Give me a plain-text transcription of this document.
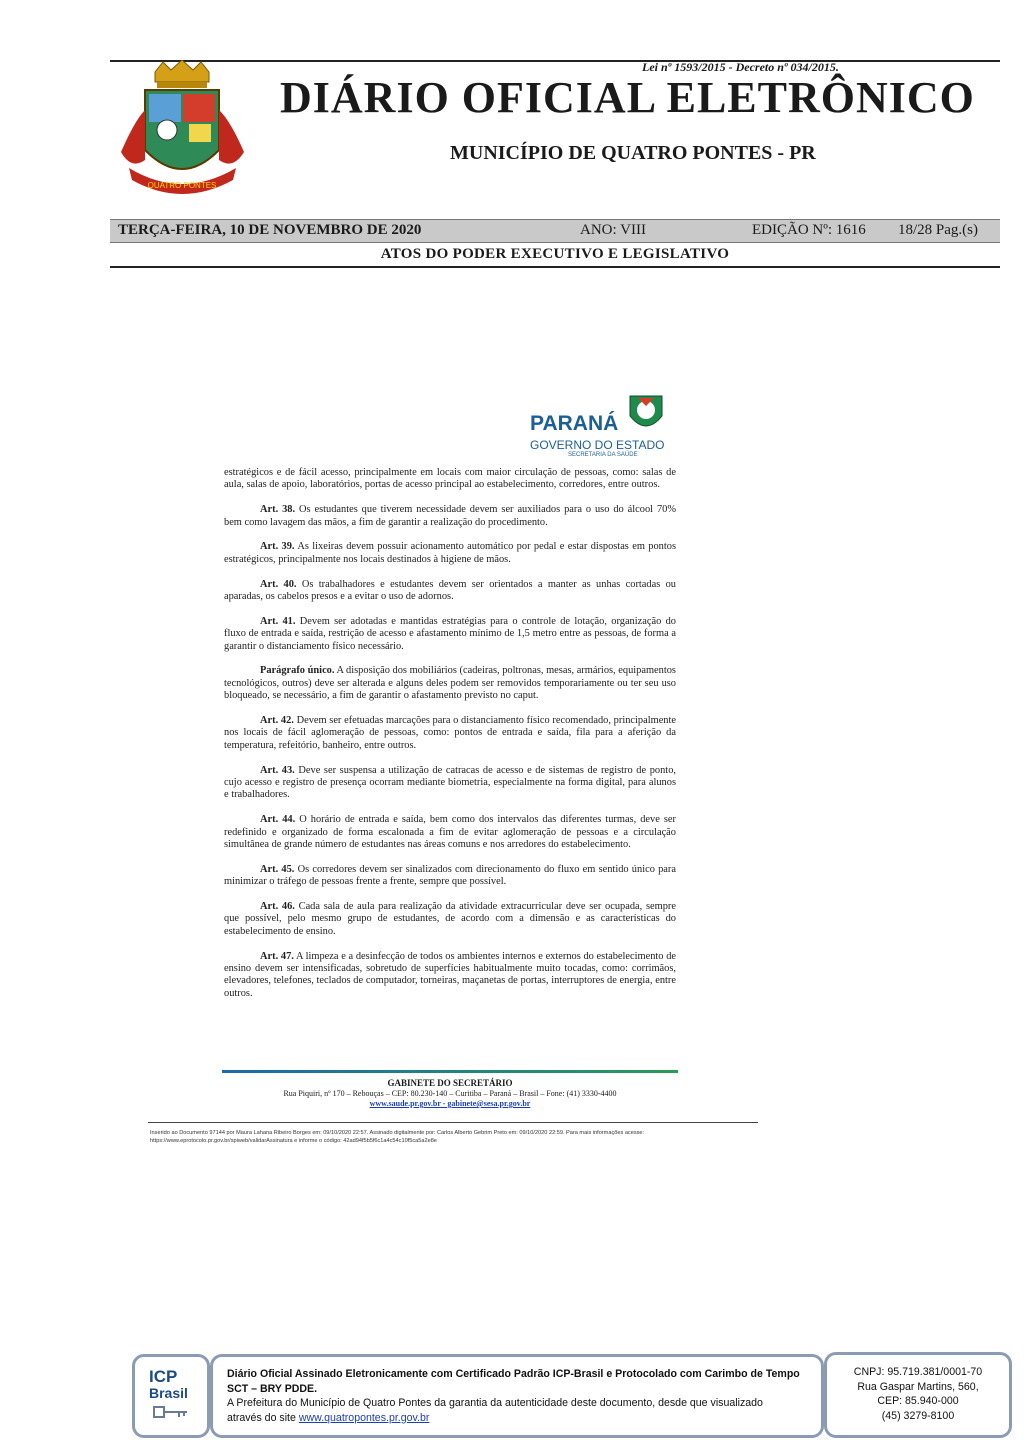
Lei nº 1593/2015 - Decreto nº 034/2015.
QUATRO PONTES
DIÁRIO OFICIAL ELETRÔNICO
MUNICÍPIO DE QUATRO PONTES - PR
TERÇA-FEIRA, 10 DE NOVEMBRO DE 2020	ANO: VIII	EDIÇÃO Nº: 1616 18/28 Pag.(s)
ATOS DO PODER EXECUTIVO E LEGISLATIVO
PARANÁ
GOVERNO DO ESTADO
SECRETARIA DA SAÚDE

estratégicos e de fácil acesso, principalmente em locais com maior circulação de pessoas, como: salas de aula, salas de apoio, laboratórios, portas de acesso principal ao estabelecimento, corredores, entre outros.

Art. 38. Os estudantes que tiverem necessidade devem ser auxiliados para o uso do álcool 70% bem como lavagem das mãos, a fim de garantir a realização do procedimento.

Art. 39. As lixeiras devem possuir acionamento automático por pedal e estar dispostas em pontos estratégicos, principalmente nos locais destinados à higiene de mãos.

Art. 40. Os trabalhadores e estudantes devem ser orientados a manter as unhas cortadas ou aparadas, os cabelos presos e a evitar o uso de adornos.

Art. 41. Devem ser adotadas e mantidas estratégias para o controle de lotação, organização do fluxo de entrada e saída, restrição de acesso e afastamento mínimo de 1,5 metro entre as pessoas, de forma a garantir o distanciamento físico necessário.

Parágrafo único. A disposição dos mobiliários (cadeiras, poltronas, mesas, armários, equipamentos tecnológicos, outros) deve ser alterada e alguns deles podem ser removidos temporariamente ou ter seu uso bloqueado, se necessário, a fim de garantir o afastamento previsto no caput.

Art. 42. Devem ser efetuadas marcações para o distanciamento físico recomendado, principalmente nos locais de fácil aglomeração de pessoas, como: pontos de entrada e saída, fila para a aferição da temperatura, refeitório, banheiro, entre outros.

Art. 43. Deve ser suspensa a utilização de catracas de acesso e de sistemas de registro de ponto, cujo acesso e registro de presença ocorram mediante biometria, especialmente na forma digital, para alunos e trabalhadores.

Art. 44. O horário de entrada e saída, bem como dos intervalos das diferentes turmas, deve ser redefinido e organizado de forma escalonada a fim de evitar aglomeração de pessoas e a circulação simultânea de grande número de estudantes nas áreas comuns e nos arredores do estabelecimento.

Art. 45. Os corredores devem ser sinalizados com direcionamento do fluxo em sentido único para minimizar o tráfego de pessoas frente a frente, sempre que possível.

Art. 46. Cada sala de aula para realização da atividade extracurricular deve ser ocupada, sempre que possível, pelo mesmo grupo de estudantes, de acordo com a dimensão e as características do estabelecimento de ensino.

Art. 47. A limpeza e a desinfecção de todos os ambientes internos e externos do estabelecimento de ensino devem ser intensificadas, sobretudo de superfícies habitualmente muito tocadas, como: corrimãos, elevadores, telefones, teclados de computador, torneiras, maçanetas de portas, interruptores de energia, entre outros.

GABINETE DO SECRETÁRIO
Rua Piquiri, nº 170 – Rebouças – CEP: 80.230-140 – Curitiba – Paraná – Brasil – Fone: (41) 3330-4400
www.saude.pr.gov.br - gabinete@sesa.pr.gov.br
Inserido ao Documento 97144 por Maura Lahana Ribeiro Borges em: 09/10/2020 22:57. Assinado digitalmente por: Carlos Alberto Gebrim Preto em: 09/10/2020 22:59. Para mais informações acesse: https://www.eprotocolo.pr.gov.br/spiweb/validarAssinatura e informe o código: 42ad94f5b5f6c1a4c54c10f5ca5a2e8e
ICP
Brasil
Diário Oficial Assinado Eletronicamente com Certificado Padrão ICP-Brasil e Protocolado com Carimbo de Tempo
SCT – BRY PDDE.
A Prefeitura do Município de Quatro Pontes da garantia da autenticidade deste documento, desde que visualizado
através do site www.quatropontes.pr.gov.br
CNPJ: 95.719.381/0001-70
Rua Gaspar Martins, 560,
CEP: 85.940-000
(45) 3279-8100
